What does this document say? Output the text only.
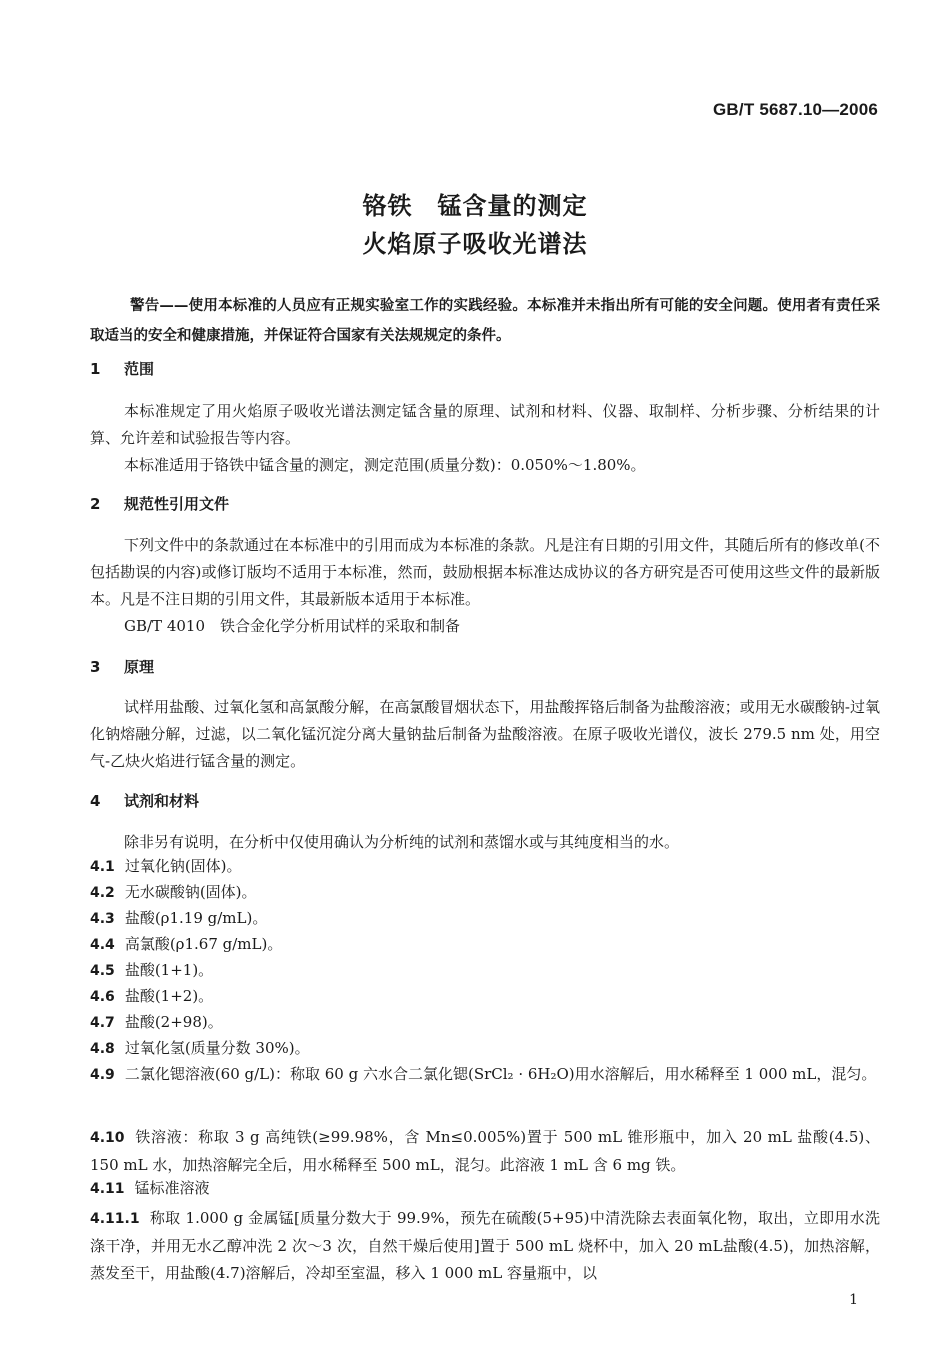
GB/T 5687.10—2006
铬铁　锰含量的测定
火焰原子吸收光谱法
警告——使用本标准的人员应有正规实验室工作的实践经验。本标准并未指出所有可能的安全问题。使用者有责任采取适当的安全和健康措施，并保证符合国家有关法规规定的条件。
1 范围
本标准规定了用火焰原子吸收光谱法测定锰含量的原理、试剂和材料、仪器、取制样、分析步骤、分析结果的计算、允许差和试验报告等内容。
本标准适用于铬铁中锰含量的测定，测定范围(质量分数)：0.050%～1.80%。
2 规范性引用文件
下列文件中的条款通过在本标准中的引用而成为本标准的条款。凡是注有日期的引用文件，其随后所有的修改单(不包括勘误的内容)或修订版均不适用于本标准，然而，鼓励根据本标准达成协议的各方研究是否可使用这些文件的最新版本。凡是不注日期的引用文件，其最新版本适用于本标准。
GB/T 4010　铁合金化学分析用试样的采取和制备
3 原理
试样用盐酸、过氧化氢和高氯酸分解，在高氯酸冒烟状态下，用盐酸挥铬后制备为盐酸溶液；或用无水碳酸钠-过氧化钠熔融分解，过滤，以二氧化锰沉淀分离大量钠盐后制备为盐酸溶液。在原子吸收光谱仪，波长 279.5 nm 处，用空气-乙炔火焰进行锰含量的测定。
4 试剂和材料
除非另有说明，在分析中仅使用确认为分析纯的试剂和蒸馏水或与其纯度相当的水。
4.1 过氧化钠(固体)。
4.2 无水碳酸钠(固体)。
4.3 盐酸(ρ1.19 g/mL)。
4.4 高氯酸(ρ1.67 g/mL)。
4.5 盐酸(1+1)。
4.6 盐酸(1+2)。
4.7 盐酸(2+98)。
4.8 过氧化氢(质量分数 30%)。
4.9 二氯化锶溶液(60 g/L)：称取 60 g 六水合二氯化锶(SrCl₂ · 6H₂O)用水溶解后，用水稀释至 1 000 mL，混匀。
4.10 铁溶液：称取 3 g 高纯铁(≥99.98%，含 Mn≤0.005%)置于 500 mL 锥形瓶中，加入 20 mL 盐酸(4.5)、150 mL 水，加热溶解完全后，用水稀释至 500 mL，混匀。此溶液 1 mL 含 6 mg 铁。
4.11 锰标准溶液
4.11.1 称取 1.000 g 金属锰[质量分数大于 99.9%，预先在硫酸(5+95)中清洗除去表面氧化物，取出，立即用水洗涤干净，并用无水乙醇冲洗 2 次～3 次，自然干燥后使用]置于 500 mL 烧杯中，加入 20 mL盐酸(4.5)，加热溶解，蒸发至干，用盐酸(4.7)溶解后，冷却至室温，移入 1 000 mL 容量瓶中，以
1
